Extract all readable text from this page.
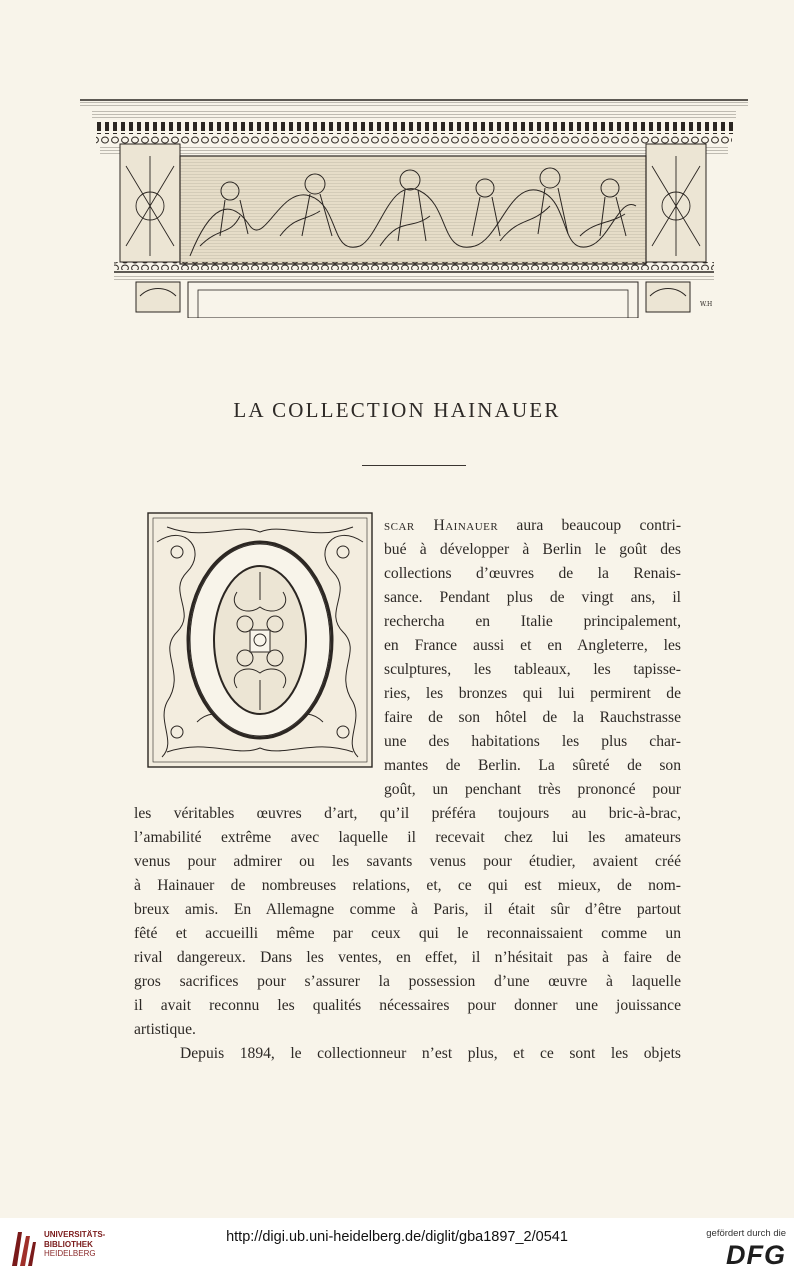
W.H
LA COLLECTION HAINAUER
scar Hainauer aura beaucoup contri-
bué à développer à Berlin le goût des
collections d’œuvres de la Renais-
sance. Pendant plus de vingt ans, il
rechercha en Italie principalement,
en France aussi et en Angleterre, les
sculptures, les tableaux, les tapisse-
ries, les bronzes qui lui permirent de
faire de son hôtel de la Rauchstrasse
une des habitations les plus char-
mantes de Berlin. La sûreté de son
goût, un penchant très prononcé pour
les véritables œuvres d’art, qu’il préféra toujours au bric-à-brac,
l’amabilité extrême avec laquelle il recevait chez lui les amateurs
venus pour admirer ou les savants venus pour étudier, avaient créé
à Hainauer de nombreuses relations, et, ce qui est mieux, de nom-
breux amis. En Allemagne comme à Paris, il était sûr d’être partout
fêté et accueilli même par ceux qui le reconnaissaient comme un
rival dangereux. Dans les ventes, en effet, il n’hésitait pas à faire de
gros sacrifices pour s’assurer la possession d’une œuvre à laquelle
il avait reconnu les qualités nécessaires pour donner une jouissance
artistique.
Depuis 1894, le collectionneur n’est plus, et ce sont les objets
UNIVERSITÄTS-
BIBLIOTHEK
HEIDELBERG
http://digi.ub.uni-heidelberg.de/diglit/gba1897_2/0541	gefördert durch die
DFG
